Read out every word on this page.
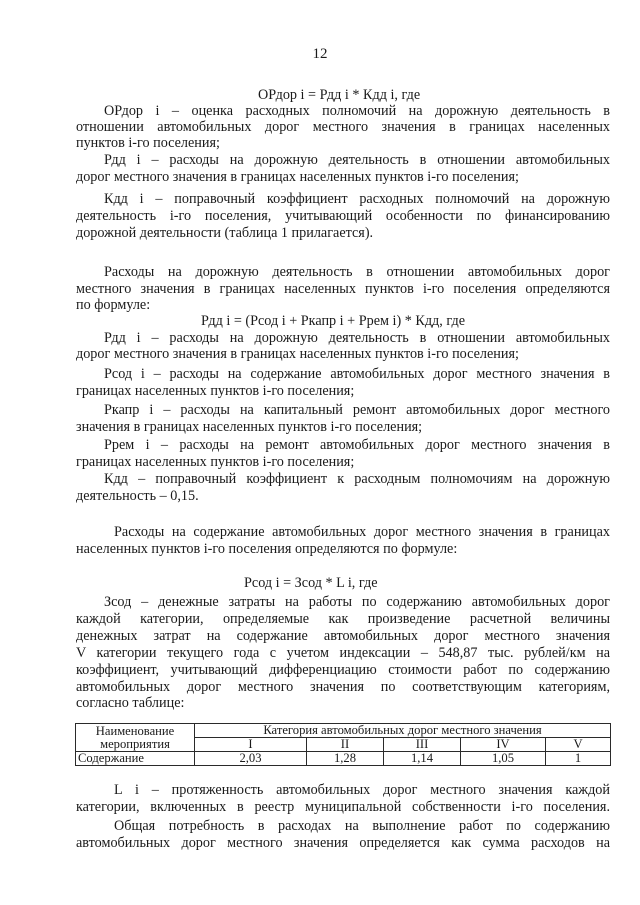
12
ОРдор i = Рдд i * Кдд i, где
ОРдор i – оценка расходных полномочий на дорожную деятельность в
отношении автомобильных дорог местного значения в границах населенных
пунктов i-го поселения;
Рдд i – расходы на дорожную деятельность в отношении автомобильных
дорог местного значения в границах населенных пунктов i-го поселения;
Кдд i – поправочный коэффициент расходных полномочий на дорожную
деятельность i-го поселения, учитывающий особенности по финансированию
дорожной деятельности (таблица 1 прилагается).
Расходы на дорожную деятельность в отношении автомобильных дорог
местного значения в границах населенных пунктов i-го поселения определяются
по формуле:
Рдд i = (Рсод i + Ркапр i + Ррем i) * Кдд, где
Рдд i – расходы на дорожную деятельность в отношении автомобильных
дорог местного значения в границах населенных пунктов i-го поселения;
Рсод i – расходы на содержание автомобильных дорог местного значения в
границах населенных пунктов i-го поселения;
Ркапр i – расходы на капитальный ремонт автомобильных дорог местного
значения в границах населенных пунктов i-го поселения;
Ррем i – расходы на ремонт автомобильных дорог местного значения в
границах населенных пунктов i-го поселения;
Кдд – поправочный коэффициент к расходным полномочиям на дорожную
деятельность – 0,15.
Расходы на содержание автомобильных дорог местного значения в границах
населенных пунктов i-го поселения определяются по формуле:
Рсод i = Зсод * L i, где
Зсод – денежные затраты на работы по содержанию автомобильных дорог
каждой категории, определяемые как произведение расчетной величины
денежных затрат на содержание автомобильных дорог местного значения
V категории текущего года с учетом индексации – 548,87 тыс. рублей/км на
коэффициент, учитывающий дифференциацию стоимости работ по содержанию
автомобильных дорог местного значения по соответствующим категориям,
согласно таблице:
Наименование
мероприятия	Категория автомобильных дорог местного значения				
	I	II	III	IV	V
Содержание	2,03	1,28	1,14	1,05	1
L i – протяженность автомобильных дорог местного значения каждой
категории, включенных в реестр муниципальной собственности i-го поселения.
Общая потребность в расходах на выполнение работ по содержанию
автомобильных дорог местного значения определяется как сумма расходов на
